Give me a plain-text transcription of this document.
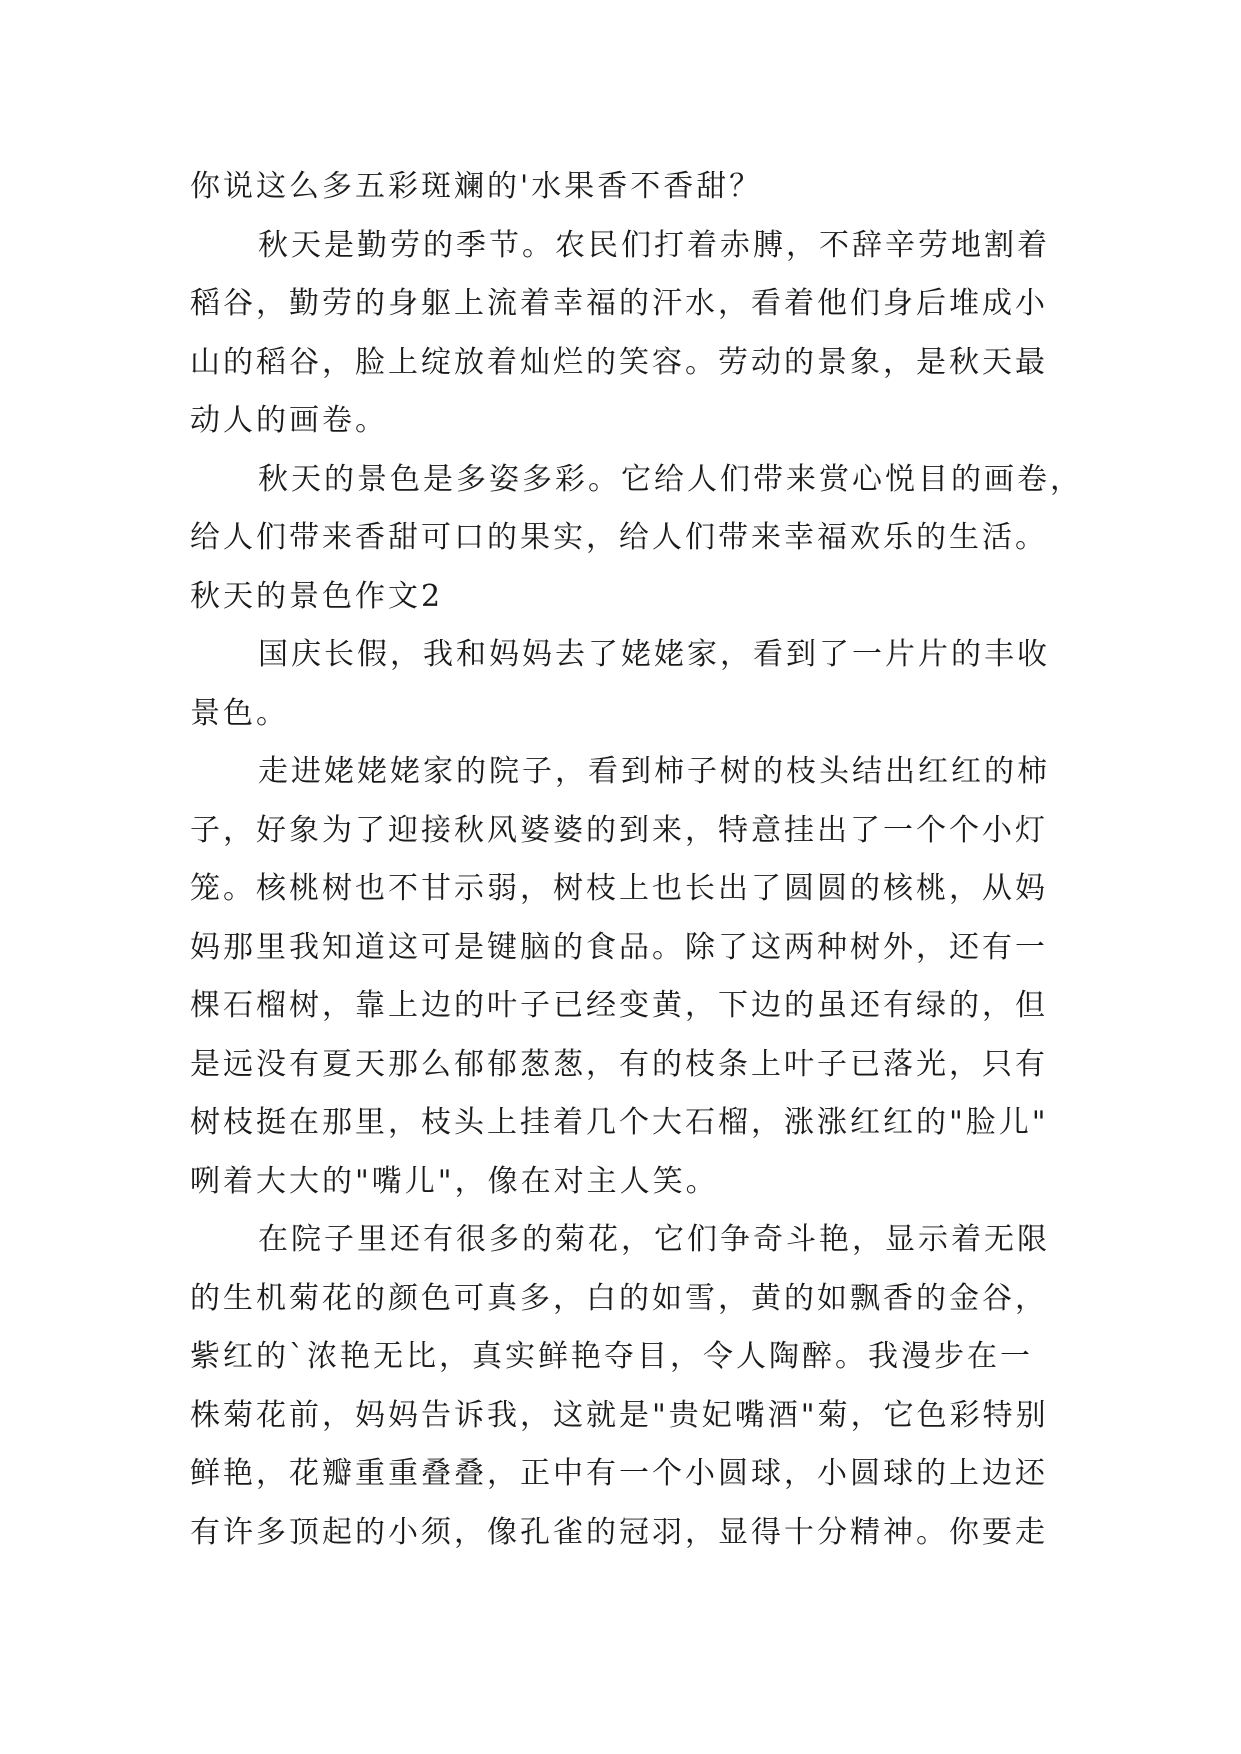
你说这么多五彩斑斓的'水果香不香甜？
秋天是勤劳的季节。农民们打着赤膊，不辞辛劳地割着
稻谷，勤劳的身躯上流着幸福的汗水，看着他们身后堆成小
山的稻谷，脸上绽放着灿烂的笑容。劳动的景象，是秋天最
动人的画卷。
秋天的景色是多姿多彩。它给人们带来赏心悦目的画卷，
给人们带来香甜可口的果实，给人们带来幸福欢乐的生活。
秋天的景色作文2
国庆长假，我和妈妈去了姥姥家，看到了一片片的丰收
景色。
走进姥姥姥家的院子，看到柿子树的枝头结出红红的柿
子，好象为了迎接秋风婆婆的到来，特意挂出了一个个小灯
笼。核桃树也不甘示弱，树枝上也长出了圆圆的核桃，从妈
妈那里我知道这可是键脑的食品。除了这两种树外，还有一
棵石榴树，靠上边的叶子已经变黄，下边的虽还有绿的，但
是远没有夏天那么郁郁葱葱，有的枝条上叶子已落光，只有
树枝挺在那里，枝头上挂着几个大石榴，涨涨红红的"脸儿"
咧着大大的"嘴儿"，像在对主人笑。
在院子里还有很多的菊花，它们争奇斗艳，显示着无限
的生机菊花的颜色可真多，白的如雪，黄的如飘香的金谷，
紫红的`浓艳无比，真实鲜艳夺目，令人陶醉。我漫步在一
株菊花前，妈妈告诉我，这就是"贵妃嘴酒"菊，它色彩特别
鲜艳，花瓣重重叠叠，正中有一个小圆球，小圆球的上边还
有许多顶起的小须，像孔雀的冠羽，显得十分精神。你要走
